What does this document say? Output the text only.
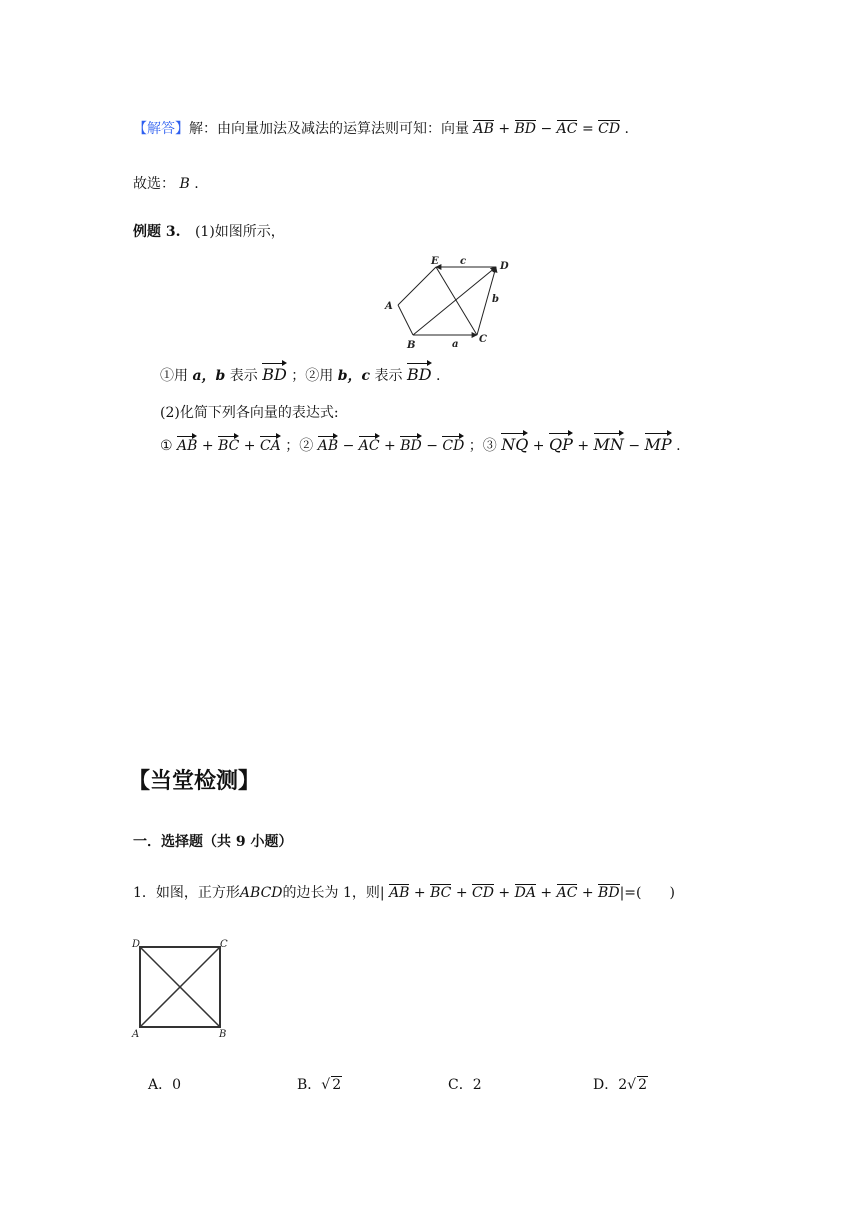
【解答】解：由向量加法及减法的运算法则可知：向量 AB + BD − AC = CD .
故选： B .
例题 3. (1)如图所示，
A
B
C
D
E
a
b
c
①用 a，b 表示 BD ；②用 b，c 表示 BD .
(2)化简下列各向量的表达式:
① AB + BC + CA ；② AB − AC + BD − CD ；③ NQ + QP + MN − MP .
【当堂检测】
一．选择题（共 9 小题）
1．如图，正方形ABCD的边长为 1，则| AB + BC + CD + DA + AC + BD|=(　　)
D	C
A	B
A．0	B．√ 2	C．2	D．2√ 2
